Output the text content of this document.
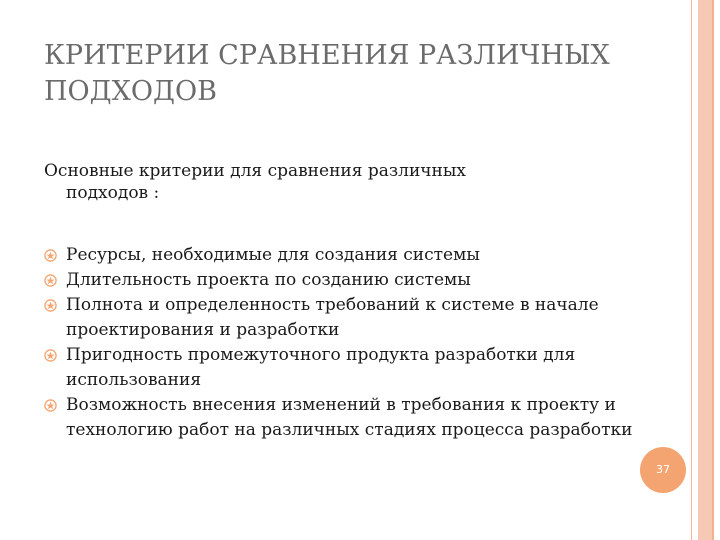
КРИТЕРИИ СРАВНЕНИЯ РАЗЛИЧНЫХ ПОДХОДОВ

Основные критерии для сравнения различных
подходов :

Ресурсы, необходимые для создания системы
Длительность проекта по созданию системы
Полнота и определенность требований к системе в начале проектирования и разработки
Пригодность промежуточного продукта разработки для использования
Возможность внесения изменений в требования к проекту и технологию работ на различных стадиях процесса разработки
37
